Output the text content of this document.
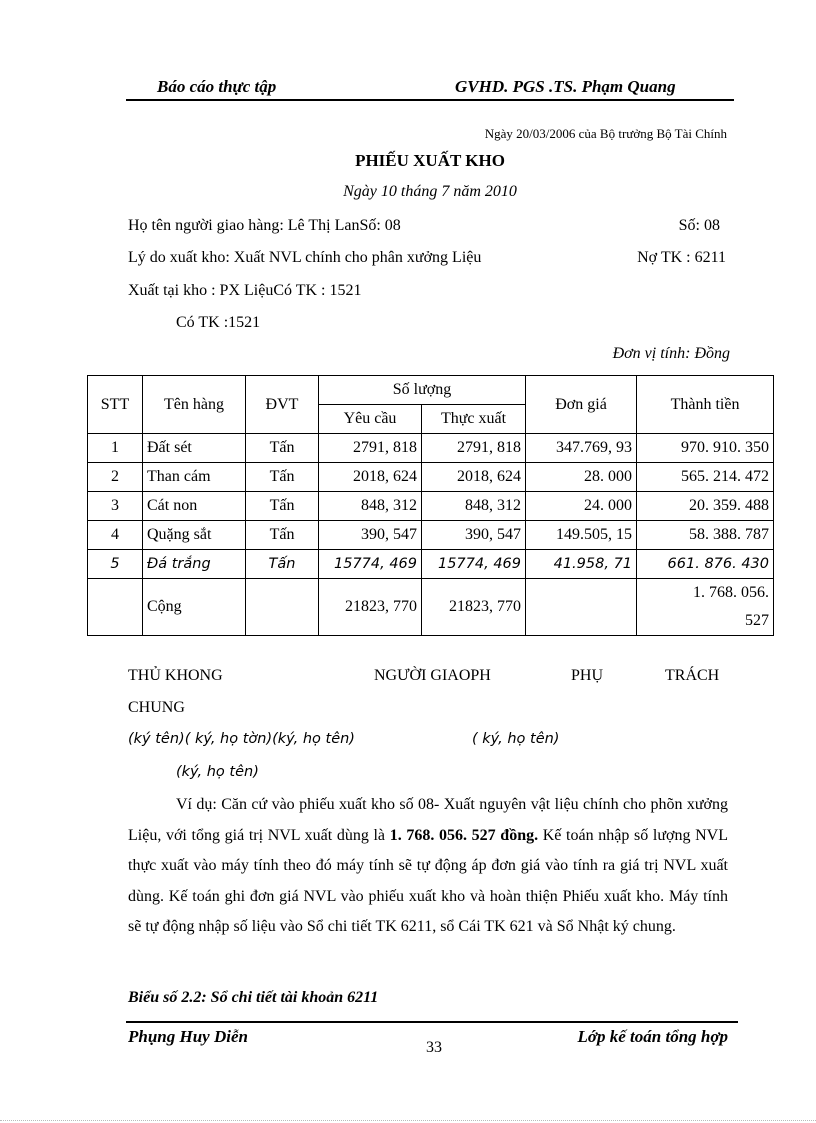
Báo cáo thực tập	GVHD. PGS .TS. Phạm Quang
Ngày 20/03/2006 của Bộ trưởng Bộ Tài Chính
PHIẾU XUẤT KHO
Ngày 10 tháng 7 năm 2010
Họ tên người giao hàng: Lê Thị LanSố: 08	Số: 08
Lý do xuất kho: Xuất NVL chính cho phân xưởng Liệu	Nợ TK : 6211
Xuất tại kho : PX LiệuCó TK : 1521
Có TK :1521
Đơn vị tính: Đồng
STT	Tên hàng	ĐVT	Số lượng		Đơn giá	Thành tiền
			Yêu cầu	Thực xuất		
1	Đất sét	Tấn	2791, 818	2791, 818	347.769, 93	970. 910. 350
2	Than cám	Tấn	2018, 624	2018, 624	28. 000	565. 214. 472
3	Cát non	Tấn	848, 312	848, 312	24. 000	20. 359. 488
4	Quặng sắt	Tấn	390, 547	390, 547	149.505, 15	58. 388. 787
5	Đá trắng	Tấn	15774, 469	15774, 469	41.958, 71	661. 876. 430
	Cộng		21823, 770	21823, 770		1. 768. 056.
527
THỦ KHONG	NGƯỜI GIAOPH	PHỤ	TRÁCH
CHUNG
(ký tên)( ký, họ tờn)(ký, họ tên)	( ký, họ tên)
(ký, họ tên)

Ví dụ: Căn cứ vào phiếu xuất kho số 08- Xuất nguyên vật liệu chính cho phõn xưởng Liệu, với tổng giá trị NVL xuất dùng là 1. 768. 056. 527 đồng. Kế toán nhập số lượng NVL thực xuất vào máy tính theo đó máy tính sẽ tự động áp đơn giá vào tính ra giá trị NVL xuất dùng. Kế toán ghi đơn giá NVL vào phiếu xuất kho và hoàn thiện Phiếu xuất kho. Máy tính sẽ tự động nhập số liệu vào Sổ chi tiết TK 6211, sổ Cái TK 621 và Sổ Nhật ký chung.

Biểu số 2.2: Sổ chi tiết tài khoản 6211
Phụng Huy Diễn
33
Lớp kế toán tổng hợp
